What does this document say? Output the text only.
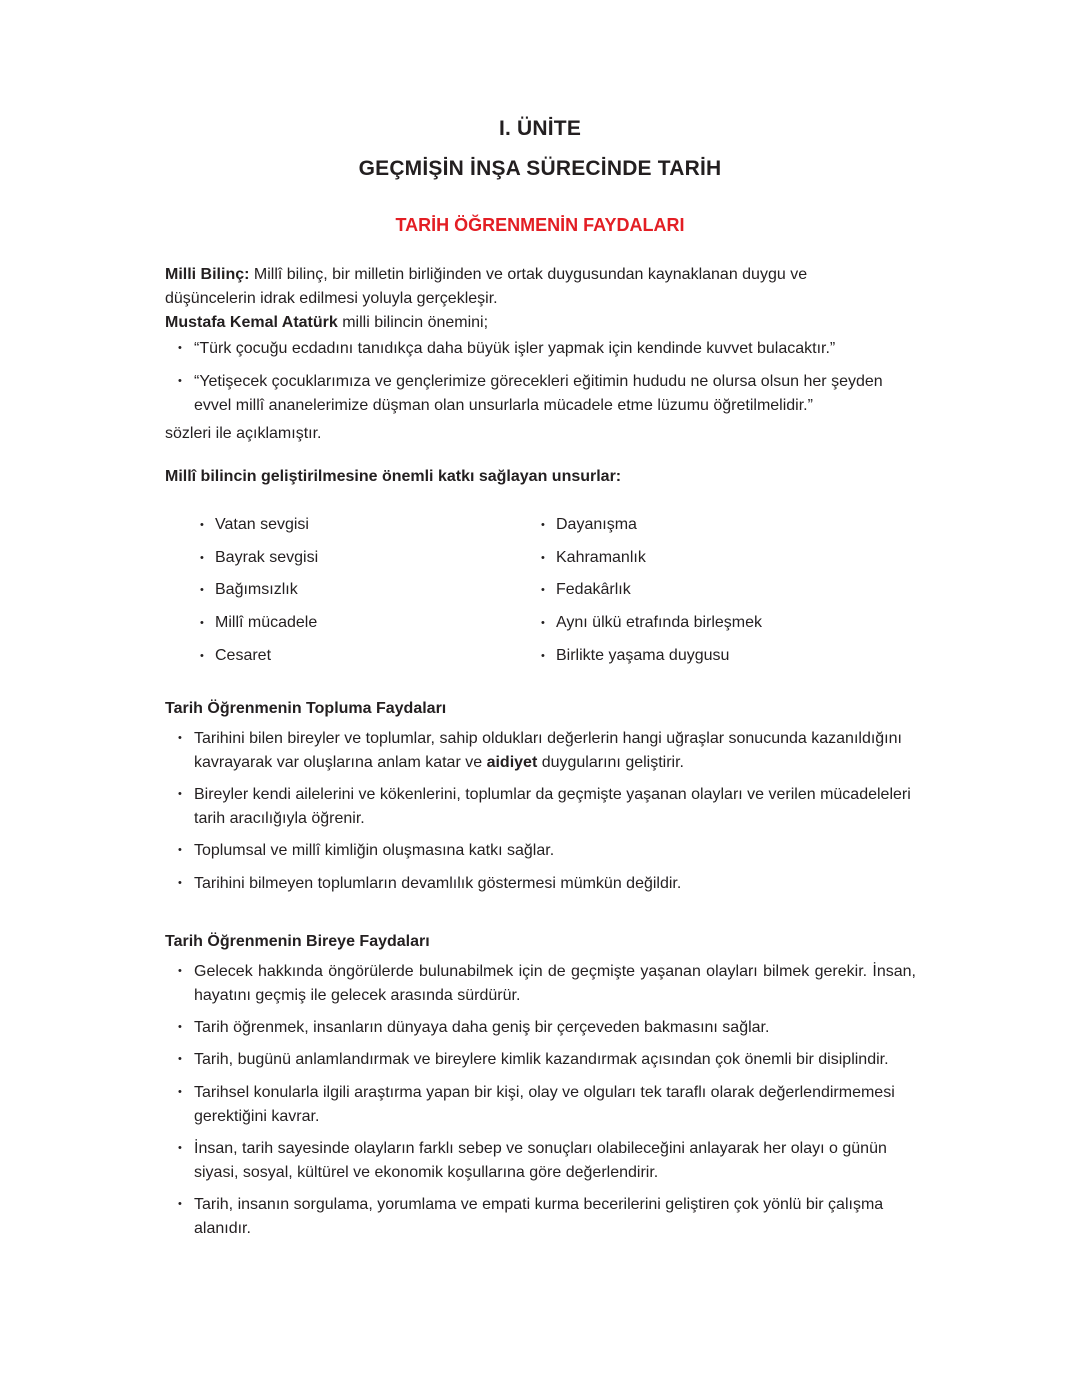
I. ÜNİTE
GEÇMİŞİN İNŞA SÜRECİNDE TARİH
TARİH ÖĞRENMENİN FAYDALARI
Milli Bilinç: Millî bilinç, bir milletin birliğinden ve ortak duygusundan kaynaklanan duygu ve
düşüncelerin idrak edilmesi yoluyla gerçekleşir.
Mustafa Kemal Atatürk milli bilincin önemini;
• “Türk çocuğu ecdadını tanıdıkça daha büyük işler yapmak için kendinde kuvvet bulacaktır.”
• “Yetişecek çocuklarımıza ve gençlerimize görecekleri eğitimin hududu ne olursa olsun her şeyden evvel millî ananelerimize düşman olan unsurlarla mücadele etme lüzumu öğretilmelidir.”
sözleri ile açıklamıştır.
Millî bilincin geliştirilmesine önemli katkı sağlayan unsurlar:
• Vatan sevgisi
• Bayrak sevgisi
• Bağımsızlık
• Millî mücadele
• Cesaret
• Dayanışma
• Kahramanlık
• Fedakârlık
• Aynı ülkü etrafında birleşmek
• Birlikte yaşama duygusu
Tarih Öğrenmenin Topluma Faydaları
• Tarihini bilen bireyler ve toplumlar, sahip oldukları değerlerin hangi uğraşlar sonucunda kazanıldığını kavrayarak var oluşlarına anlam katar ve aidiyet duygularını geliştirir.
• Bireyler kendi ailelerini ve kökenlerini, toplumlar da geçmişte yaşanan olayları ve verilen mücadeleleri tarih aracılığıyla öğrenir.
• Toplumsal ve millî kimliğin oluşmasına katkı sağlar.
• Tarihini bilmeyen toplumların devamlılık göstermesi mümkün değildir.
Tarih Öğrenmenin Bireye Faydaları
• Gelecek hakkında öngörülerde bulunabilmek için de geçmişte yaşanan olayları bilmek gerekir. İnsan, hayatını geçmiş ile gelecek arasında sürdürür.
• Tarih öğrenmek, insanların dünyaya daha geniş bir çerçeveden bakmasını sağlar.
• Tarih, bugünü anlamlandırmak ve bireylere kimlik kazandırmak açısından çok önemli bir disiplindir.
• Tarihsel konularla ilgili araştırma yapan bir kişi, olay ve olguları tek taraflı olarak değerlendirmemesi gerektiğini kavrar.
• İnsan, tarih sayesinde olayların farklı sebep ve sonuçları olabileceğini anlayarak her olayı o günün siyasi, sosyal, kültürel ve ekonomik koşullarına göre değerlendirir.
• Tarih, insanın sorgulama, yorumlama ve empati kurma becerilerini geliştiren çok yönlü bir çalışma alanıdır.
